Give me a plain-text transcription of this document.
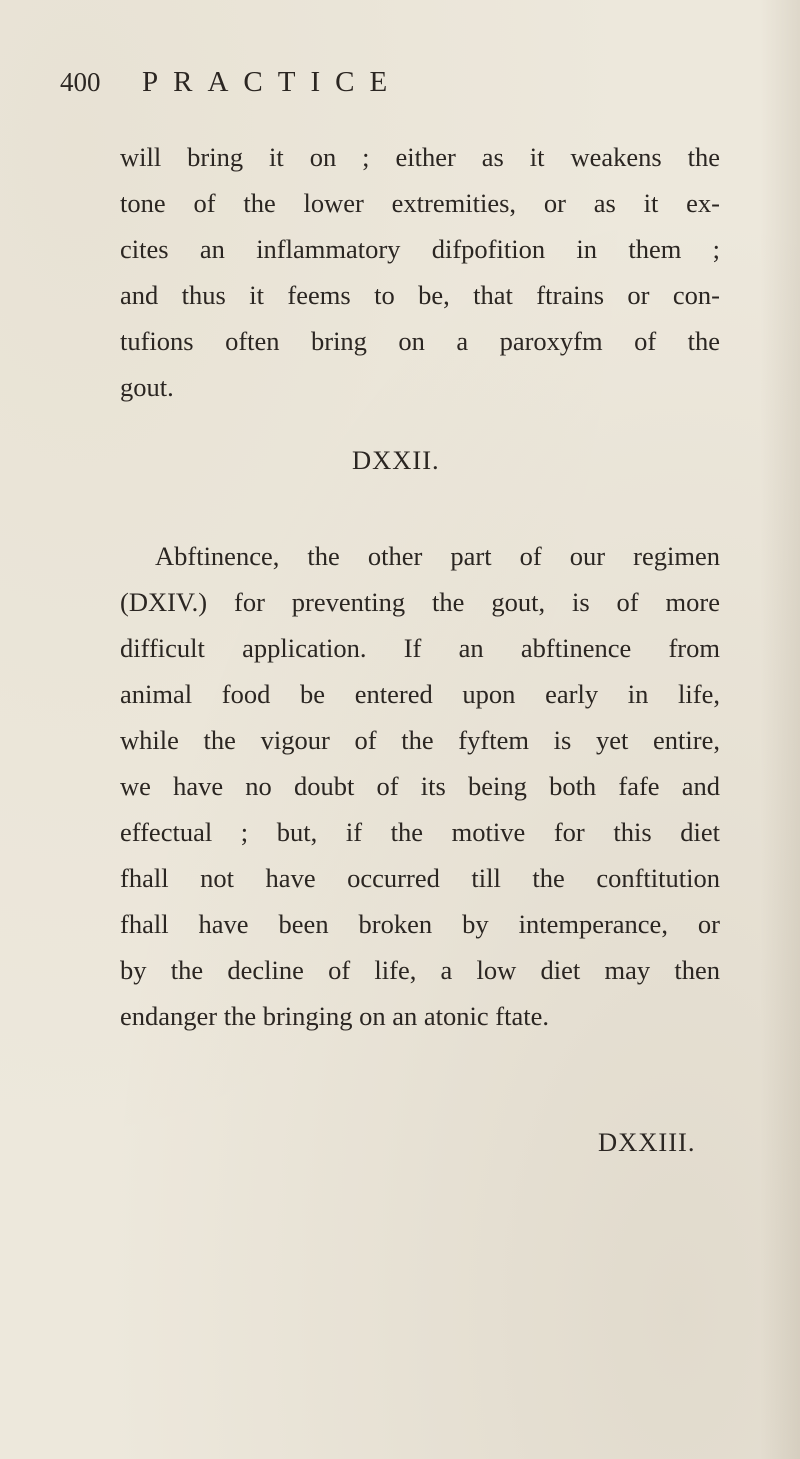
400 PRACTICE
will bring it on ; either as it weakens the
tone of the lower extremities, or as it ex-
cites an inflammatory difpofition in them ;
and thus it feems to be, that ftrains or con-
tufions often bring on a paroxyfm of the
gout.
DXXII.
Abftinence, the other part of our regimen
(DXIV.) for preventing the gout, is of more
difficult application. If an abftinence from
animal food be entered upon early in life,
while the vigour of the fyftem is yet entire,
we have no doubt of its being both fafe and
effectual ; but, if the motive for this diet
fhall not have occurred till the conftitution
fhall have been broken by intemperance, or
by the decline of life, a low diet may then
endanger the bringing on an atonic ftate.
DXXIII.
